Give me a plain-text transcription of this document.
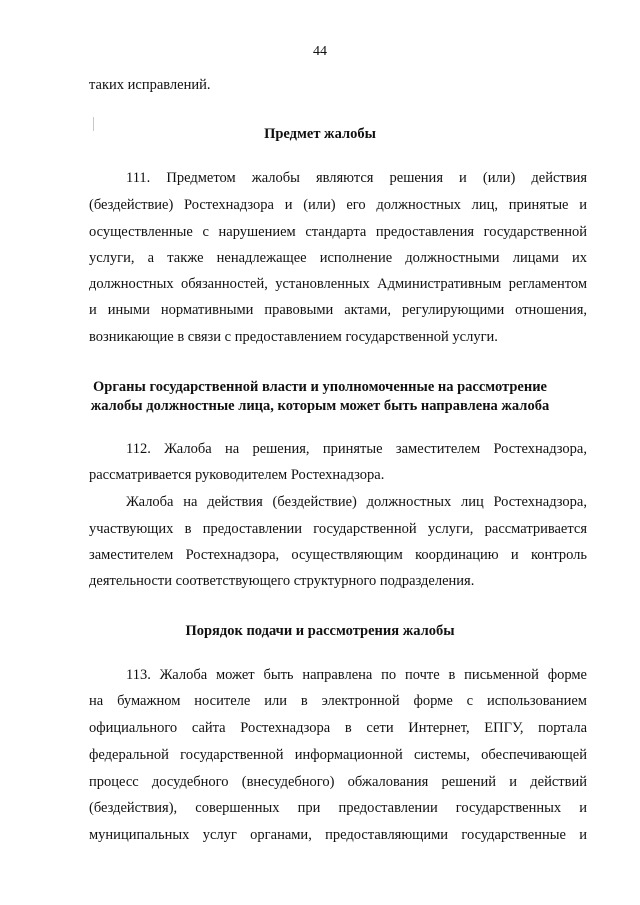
44
таких исправлений.
Предмет жалобы
111. Предметом жалобы являются решения и (или) действия
(бездействие) Ростехнадзора и (или) его должностных лиц, принятые и
осуществленные с нарушением стандарта предоставления государственной
услуги, а также ненадлежащее исполнение должностными лицами их
должностных обязанностей, установленных Административным регламентом
и иными нормативными правовыми актами, регулирующими отношения,
возникающие в связи с предоставлением государственной услуги.
Органы государственной власти и уполномоченные на рассмотрение
жалобы должностные лица, которым может быть направлена жалоба
112. Жалоба на решения, принятые заместителем Ростехнадзора,
рассматривается руководителем Ростехнадзора.
Жалоба на действия (бездействие) должностных лиц Ростехнадзора,
участвующих в предоставлении государственной услуги, рассматривается
заместителем Ростехнадзора, осуществляющим координацию и контроль
деятельности соответствующего структурного подразделения.
Порядок подачи и рассмотрения жалобы
113. Жалоба может быть направлена по почте в письменной форме
на бумажном носителе или в электронной форме с использованием
официального сайта Ростехнадзора в сети Интернет, ЕПГУ, портала
федеральной государственной информационной системы, обеспечивающей
процесс досудебного (внесудебного) обжалования решений и действий
(бездействия), совершенных при предоставлении государственных и
муниципальных услуг органами, предоставляющими государственные и
